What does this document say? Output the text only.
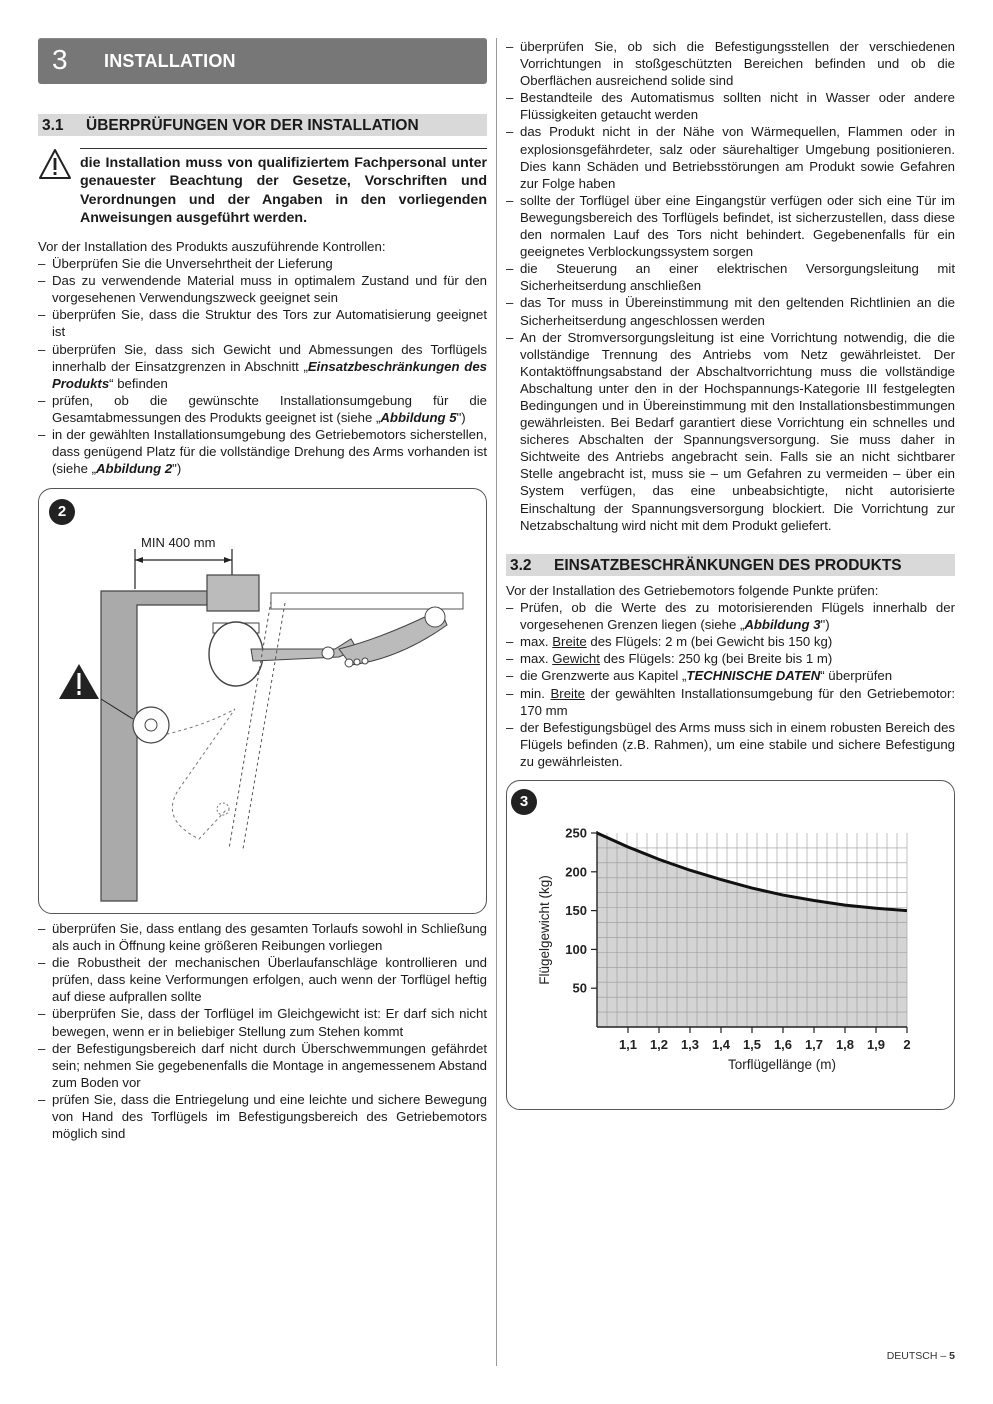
3 INSTALLATION
3.1 ÜBERPRÜFUNGEN VOR DER INSTALLATION
die Installation muss von qualifiziertem Fachpersonal unter genauester Beachtung der Gesetze, Vorschriften und Verordnungen und der Angaben in den vorliegenden Anweisungen ausgeführt werden.

Vor der Installation des Produkts auszuführende Kontrollen:

– Überprüfen Sie die Unversehrtheit der Lieferung

– Das zu verwendende Material muss in optimalem Zustand und für den vorgesehenen Verwendungszweck geeignet sein

– überprüfen Sie, dass die Struktur des Tors zur Automatisierung geeignet ist

– überprüfen Sie, dass sich Gewicht und Abmessungen des Torflügels innerhalb der Einsatzgrenzen in Abschnitt „Einsatzbeschränkungen des Produkts“ befinden

– prüfen, ob die gewünschte Installationsumgebung für die Gesamtabmessungen des Produkts geeignet ist (siehe „Abbildung 5")

– in der gewählten Installationsumgebung des Getriebemotors sicherstellen, dass genügend Platz für die vollständige Drehung des Arms vorhanden ist (siehe „Abbildung 2")

2
MIN 400 mm

– überprüfen Sie, dass entlang des gesamten Torlaufs sowohl in Schließung als auch in Öffnung keine größeren Reibungen vorliegen

– die Robustheit der mechanischen Überlaufanschläge kontrollieren und prüfen, dass keine Verformungen erfolgen, auch wenn der Torflügel heftig auf diese aufprallen sollte

– überprüfen Sie, dass der Torflügel im Gleichgewicht ist: Er darf sich nicht bewegen, wenn er in beliebiger Stellung zum Stehen kommt

– der Befestigungsbereich darf nicht durch Überschwemmungen gefährdet sein; nehmen Sie gegebenenfalls die Montage in angemessenem Abstand zum Boden vor

– prüfen Sie, dass die Entriegelung und eine leichte und sichere Bewegung von Hand des Torflügels im Befestigungsbereich des Getriebemotors möglich sind

– überprüfen Sie, ob sich die Befestigungsstellen der verschiedenen Vorrichtungen in stoßgeschützten Bereichen befinden und ob die Oberflächen ausreichend solide sind

– Bestandteile des Automatismus sollten nicht in Wasser oder andere Flüssigkeiten getaucht werden

– das Produkt nicht in der Nähe von Wärmequellen, Flammen oder in explosionsgefährdeter, salz oder säurehaltiger Umgebung positionieren. Dies kann Schäden und Betriebsstörungen am Produkt sowie Gefahren zur Folge haben

– sollte der Torflügel über eine Eingangstür verfügen oder sich eine Tür im Bewegungsbereich des Torflügels befindet, ist sicherzustellen, dass diese den normalen Lauf des Tors nicht behindert. Gegebenenfalls für ein geeignetes Verblockungssystem sorgen

– die Steuerung an einer elektrischen Versorgungsleitung mit Sicherheitserdung anschließen

– das Tor muss in Übereinstimmung mit den geltenden Richtlinien an die Sicherheitserdung angeschlossen werden

– An der Stromversorgungsleitung ist eine Vorrichtung notwendig, die die vollständige Trennung des Antriebs vom Netz gewährleistet. Der Kontaktöffnungsabstand der Abschaltvorrichtung muss die vollständige Abschaltung unter den in der Hochspannungs-Kategorie III festgelegten Bedingungen und in Übereinstimmung mit den Installationsbestimmungen gewährleisten. Bei Bedarf garantiert diese Vorrichtung ein schnelles und sicheres Abschalten der Spannungsversorgung. Sie muss daher in Sichtweite des Antriebs angebracht sein. Falls sie an nicht sichtbarer Stelle angebracht ist, muss sie – um Gefahren zu vermeiden – über ein System verfügen, das eine unbeabsichtigte, nicht autorisierte Einschaltung der Spannungsversorgung blockiert. Die Vorrichtung zur Netzabschaltung wird nicht mit dem Produkt geliefert.

3.2 EINSATZBESCHRÄNKUNGEN DES PRODUKTS

Vor der Installation des Getriebemotors folgende Punkte prüfen:

– Prüfen, ob die Werte des zu motorisierenden Flügels innerhalb der vorgesehenen Grenzen liegen (siehe „Abbildung 3")

– max. Breite des Flügels: 2 m (bei Gewicht bis 150 kg)

– max. Gewicht des Flügels: 250 kg (bei Breite bis 1 m)

– die Grenzwerte aus Kapitel „TECHNISCHE DATEN“ überprüfen

– min. Breite der gewählten Installationsumgebung für den Getriebemotor: 170 mm

– der Befestigungsbügel des Arms muss sich in einem robusten Bereich des Flügels befinden (z.B. Rahmen), um eine stabile und sichere Befestigung zu gewährleisten.

3
50
100
150
200
250
1,1 1,2 1,3 1,4 1,5 1,6 1,7 1,8 1,9 2
Torflügellänge (m)
Flügelgewicht (kg)
DEUTSCH – 5
